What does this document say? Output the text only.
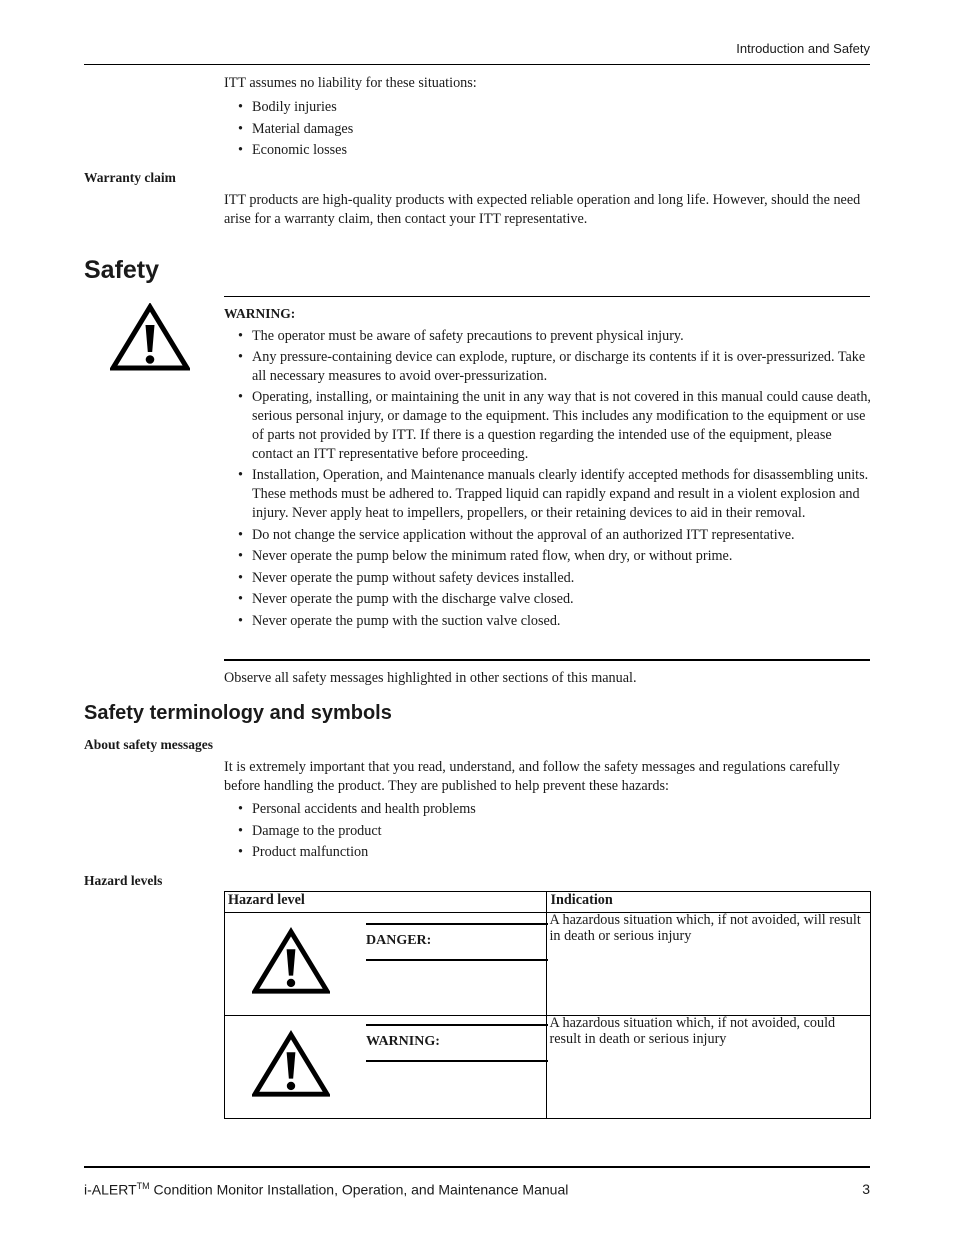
Introduction and Safety
ITT assumes no liability for these situations:
• Bodily injuries
• Material damages
• Economic losses
Warranty claim
ITT products are high-quality products with expected reliable operation and long life. However, should the need arise for a warranty claim, then contact your ITT representative.
Safety
WARNING:
• The operator must be aware of safety precautions to prevent physical injury.
• Any pressure-containing device can explode, rupture, or discharge its contents if it is over-pressurized. Take all necessary measures to avoid over-pressurization.
• Operating, installing, or maintaining the unit in any way that is not covered in this manual could cause death, serious personal injury, or damage to the equipment. This includes any modification to the equipment or use of parts not provided by ITT. If there is a question regarding the intended use of the equipment, please contact an ITT representative before proceeding.
• Installation, Operation, and Maintenance manuals clearly identify accepted methods for disassembling units. These methods must be adhered to. Trapped liquid can rapidly expand and result in a violent explosion and injury. Never apply heat to impellers, propellers, or their retaining devices to aid in their removal.
• Do not change the service application without the approval of an authorized ITT representative.
• Never operate the pump below the minimum rated flow, when dry, or without prime.
• Never operate the pump without safety devices installed.
• Never operate the pump with the discharge valve closed.
• Never operate the pump with the suction valve closed.
Observe all safety messages highlighted in other sections of this manual.
Safety terminology and symbols
About safety messages
It is extremely important that you read, understand, and follow the safety messages and regulations carefully before handling the product. They are published to help prevent these hazards:
• Personal accidents and health problems
• Damage to the product
• Product malfunction
Hazard levels
Hazard level	Indication

DANGER:	A hazardous situation which, if not avoided, will result in death or serious injury

WARNING:	A hazardous situation which, if not avoided, could result in death or serious injury
i-ALERT™ Condition Monitor Installation, Operation, and Maintenance Manual	3
